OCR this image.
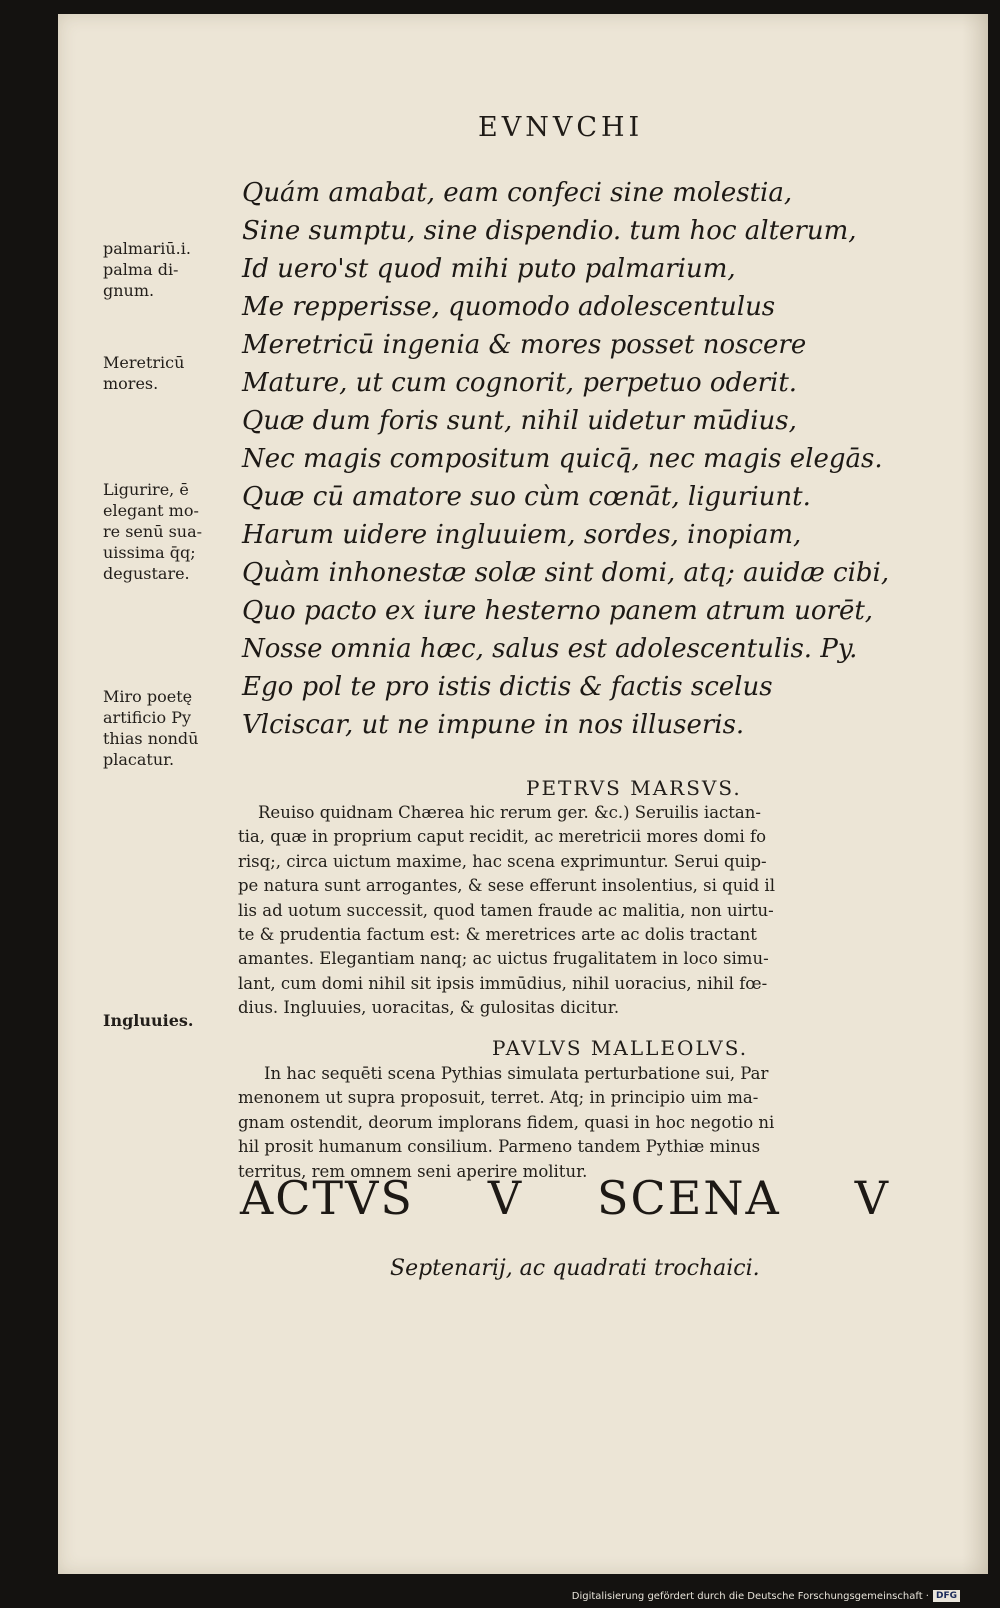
EVNVCHI
Quám amabat, eam confeci sine molestia,
Sine sumptu, sine dispendio. tum hoc alterum,
Id uero'st quod mihi puto palmarium,
Me repperisse, quomodo adolescentulus
Meretricū ingenia & mores posset noscere
Mature, ut cum cognorit, perpetuo oderit.
Quæ dum foris sunt, nihil uidetur mūdius,
Nec magis compositum quicq̄, nec magis elegās.
Quæ cū amatore suo cùm cœnāt, liguriunt.
Harum uidere ingluuiem, sordes, inopiam,
Quàm inhonestæ solæ sint domi, atq; auidæ cibi,
Quo pacto ex iure hesterno panem atrum uorēt,
Nosse omnia hæc, salus est adolescentulis. Py.
Ego pol te pro istis dictis & factis scelus
Vlciscar, ut ne impune in nos illuseris.
palmariū.i.
palma di-
gnum.
Meretricū
mores.
Ligurire, ē
elegant mo-
re senū sua-
uissima q̄q;
degustare.
Miro poetę
artificio Py
thias nondū
placatur.
Ingluuies.
PETRVS MARSVS.
Reuiso quidnam Chærea hic rerum ger. &c.) Seruilis iactan-
tia, quæ in proprium caput recidit, ac meretricii mores domi fo
risq;, circa uictum maxime, hac scena exprimuntur. Serui quip-
pe natura sunt arrogantes, & sese efferunt insolentius, si quid il
lis ad uotum successit, quod tamen fraude ac malitia, non uirtu-
te & prudentia factum est: & meretrices arte ac dolis tractant
amantes. Elegantiam nanq; ac uictus frugalitatem in loco simu-
lant, cum domi nihil sit ipsis immūdius, nihil uoracius, nihil fœ-
dius. Ingluuies, uoracitas, & gulositas dicitur.
PAVLVS MALLEOLVS.
In hac sequēti scena Pythias simulata perturbatione sui, Par
menonem ut supra proposuit, terret. Atq; in principio uim ma-
gnam ostendit, deorum implorans fidem, quasi in hoc negotio ni
hil prosit humanum consilium. Parmeno tandem Pythiæ minus
territus, rem omnem seni aperire molitur.
ACTVS V SCENA V
Septenarij, ac quadrati trochaici.
Digitalisierung gefördert durch die Deutsche Forschungsgemeinschaft · DFG
